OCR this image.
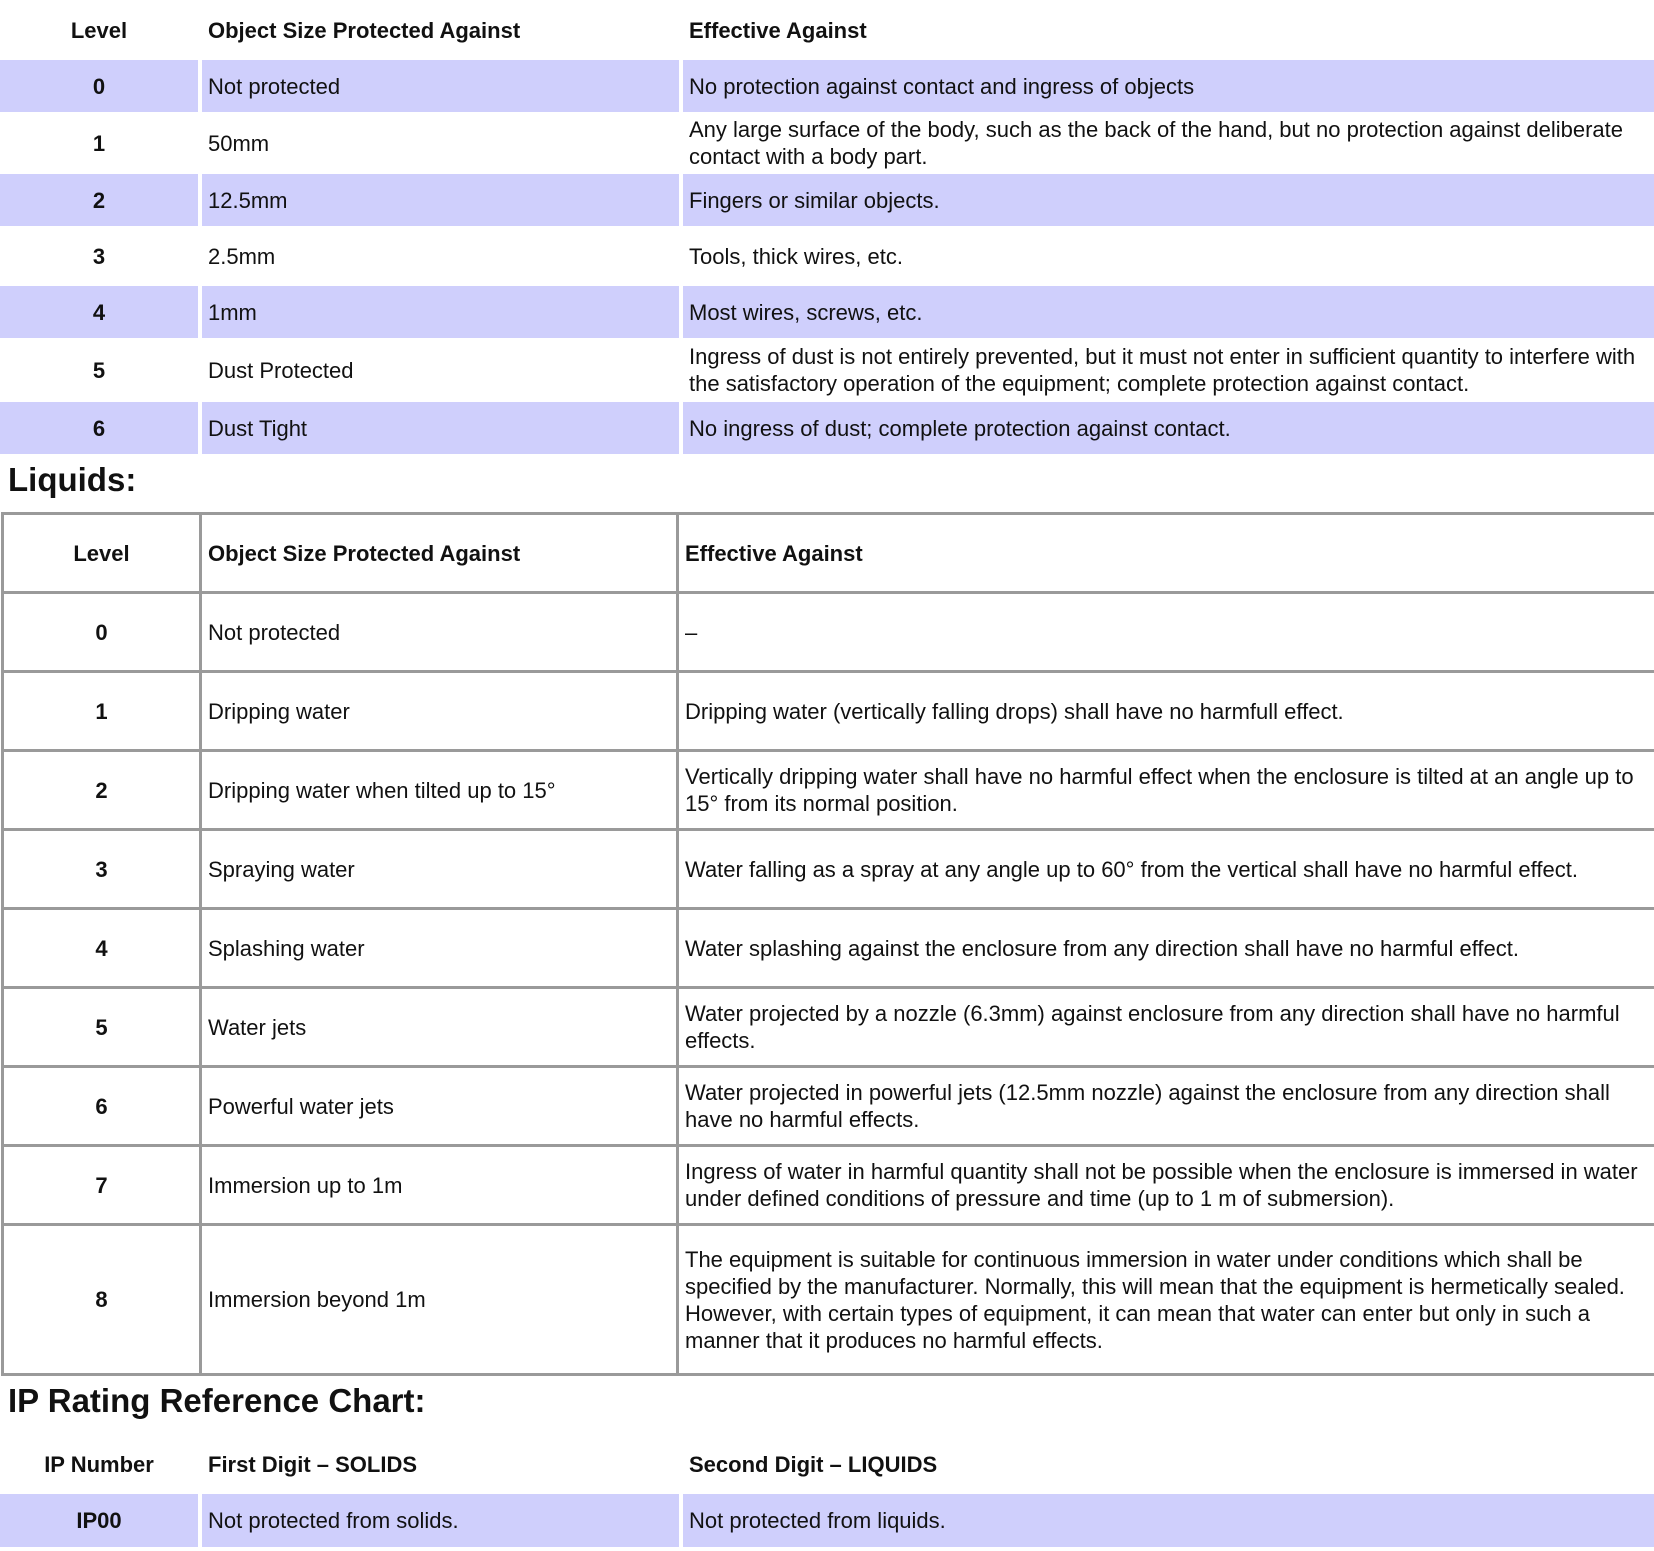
Level	Object Size Protected Against	Effective Against
0	Not protected	No protection against contact and ingress of objects
1	50mm	Any large surface of the body, such as the back of the hand, but no protection against deliberate contact with a body part.
2	12.5mm	Fingers or similar objects.
3	2.5mm	Tools, thick wires, etc.
4	1mm	Most wires, screws, etc.
5	Dust Protected	Ingress of dust is not entirely prevented, but it must not enter in sufficient quantity to interfere with the satisfactory operation of the equipment; complete protection against contact.
6	Dust Tight	No ingress of dust; complete protection against contact.
Liquids:
Level	Object Size Protected Against	Effective Against
0	Not protected	–
1	Dripping water	Dripping water (vertically falling drops) shall have no harmfull effect.
2	Dripping water when tilted up to 15°	Vertically dripping water shall have no harmful effect when the enclosure is tilted at an angle up to 15° from its normal position.
3	Spraying water	Water falling as a spray at any angle up to 60° from the vertical shall have no harmful effect.
4	Splashing water	Water splashing against the enclosure from any direction shall have no harmful effect.
5	Water jets	Water projected by a nozzle (6.3mm) against enclosure from any direction shall have no harmful effects.
6	Powerful water jets	Water projected in powerful jets (12.5mm nozzle) against the enclosure from any direction shall have no harmful effects.
7	Immersion up to 1m	Ingress of water in harmful quantity shall not be possible when the enclosure is immersed in water under defined conditions of pressure and time (up to 1 m of submersion).
8	Immersion beyond 1m	The equipment is suitable for continuous immersion in water under conditions which shall be specified by the manufacturer. Normally, this will mean that the equipment is hermetically sealed. However, with certain types of equipment, it can mean that water can enter but only in such a manner that it produces no harmful effects.
IP Rating Reference Chart:
IP Number	First Digit – SOLIDS	Second Digit – LIQUIDS
IP00	Not protected from solids.	Not protected from liquids.
